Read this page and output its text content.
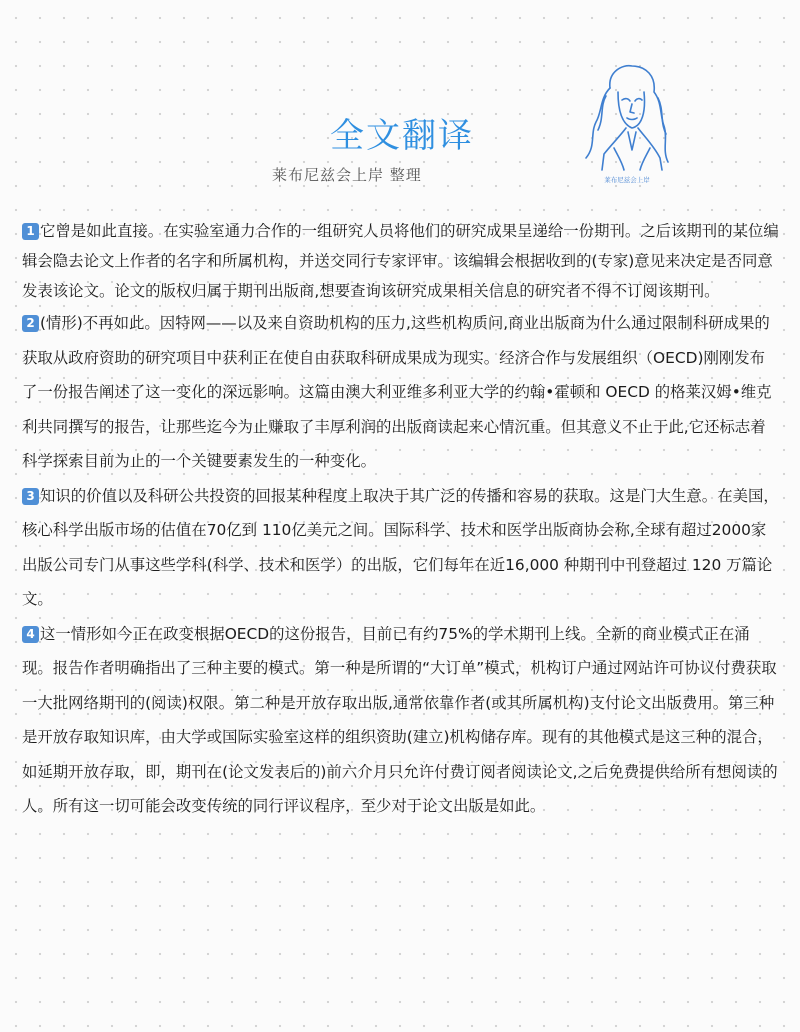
全文翻译

莱布尼兹会上岸 整理	莱布尼兹会上岸

1 它曾是如此直接。在实验室通力合作的一组研究人员将他们的研究成果呈递给一份期刊。之后该期刊的某位编辑会隐去论文上作者的名字和所属机构，并送交同行专家评审。该编辑会根据收到的(专家)意见来决定是否同意发表该论文。论文的版权归属于期刊出版商,想要查询该研究成果相关信息的研究者不得不订阅该期刊。

2 (情形)不再如此。因特网——以及来自资助机构的压力,这些机构质问,商业出版商为什么通过限制科研成果的获取从政府资助的研究项目中获利正在使自由获取科研成果成为现实。经济合作与发展组织（OECD)刚刚发布了一份报告阐述了这一变化的深远影响。这篇由澳大利亚维多利亚大学的约翰•霍顿和 OECD 的格莱汉姆•维克利共同撰写的报告，让那些迄今为止赚取了丰厚利润的出版商读起来心情沉重。但其意义不止于此,它还标志着科学探索目前为止的一个关键要素发生的一种变化。

3 知识的价值以及科研公共投资的回报某种程度上取决于其广泛的传播和容易的获取。这是门大生意。在美国，核心科学出版市场的估值在70亿到 110亿美元之间。国际科学、技术和医学出版商协会称,全球有超过2000家出版公司专门从事这些学科(科学、技术和医学）的出版，它们每年在近16,000 种期刊中刊登超过 120 万篇论文。

4 这一情形如今正在政变根据OECD的这份报告，目前已有约75%的学术期刊上线。全新的商业模式正在涌现。报告作者明确指出了三种主要的模式。第一种是所谓的“大订单”模式，机构订户通过网站许可协议付费获取一大批网络期刊的(阅读)权限。第二种是开放存取出版,通常依靠作者(或其所属机构)支付论文出版费用。第三种是开放存取知识库，由大学或国际实验室这样的组织资助(建立)机构储存库。现有的其他模式是这三种的混合，如延期开放存取，即，期刊在(论文发表后的)前六介月只允许付费订阅者阅读论文,之后免费提供给所有想阅读的人。所有这一切可能会改变传统的同行评议程序，至少对于论文出版是如此。
